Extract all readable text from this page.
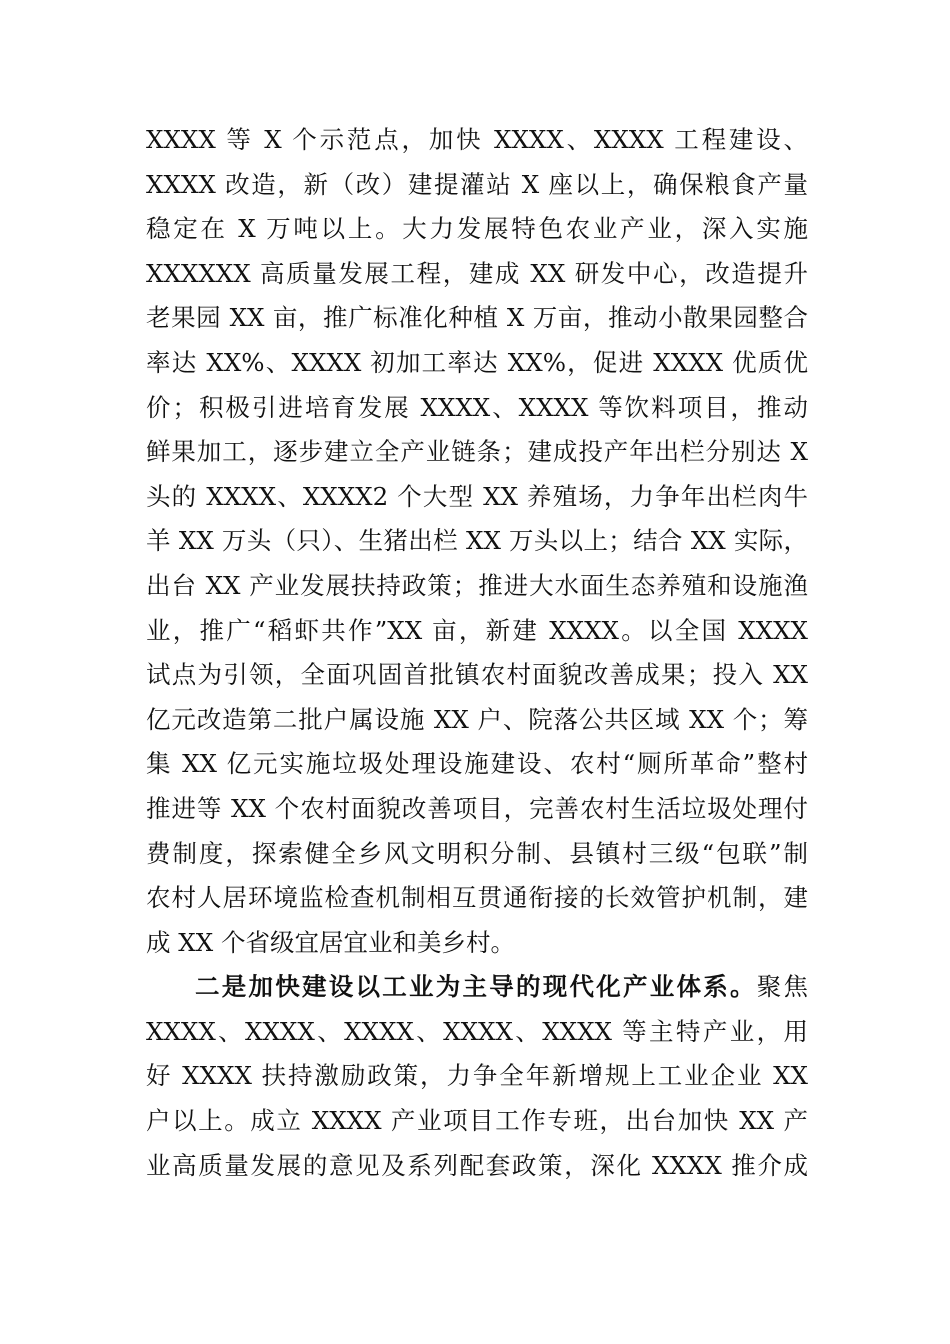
XXXX 等 X 个示范点，加快 XXXX、XXXX 工程建设、
XXXX 改造，新（改）建提灌站 X 座以上，确保粮食产量
稳定在 X 万吨以上。大力发展特色农业产业，深入实施
XXXXXX 高质量发展工程，建成 XX 研发中心，改造提升
老果园 XX 亩，推广标准化种植 X 万亩，推动小散果园整合
率达 XX%、XXXX 初加工率达 XX%，促进 XXXX 优质优
价；积极引进培育发展 XXXX、XXXX 等饮料项目，推动
鲜果加工，逐步建立全产业链条；建成投产年出栏分别达 X
头的 XXXX、XXXX2 个大型 XX 养殖场，力争年出栏肉牛
羊 XX 万头（只）、生猪出栏 XX 万头以上；结合 XX 实际，
出台 XX 产业发展扶持政策；推进大水面生态养殖和设施渔
业，推广“稻虾共作”XX 亩，新建 XXXX。以全国 XXXX
试点为引领，全面巩固首批镇农村面貌改善成果；投入 XX
亿元改造第二批户属设施 XX 户、院落公共区域 XX 个；筹
集 XX 亿元实施垃圾处理设施建设、农村“厕所革命”整村
推进等 XX 个农村面貌改善项目，完善农村生活垃圾处理付
费制度，探索健全乡风文明积分制、县镇村三级“包联”制
农村人居环境监检查机制相互贯通衔接的长效管护机制，建
成 XX 个省级宜居宜业和美乡村。
二是加快建设以工业为主导的现代化产业体系。聚焦
XXXX、XXXX、XXXX、XXXX、XXXX 等主特产业，用
好 XXXX 扶持激励政策，力争全年新增规上工业企业 XX
户以上。成立 XXXX 产业项目工作专班，出台加快 XX 产
业高质量发展的意见及系列配套政策，深化 XXXX 推介成
